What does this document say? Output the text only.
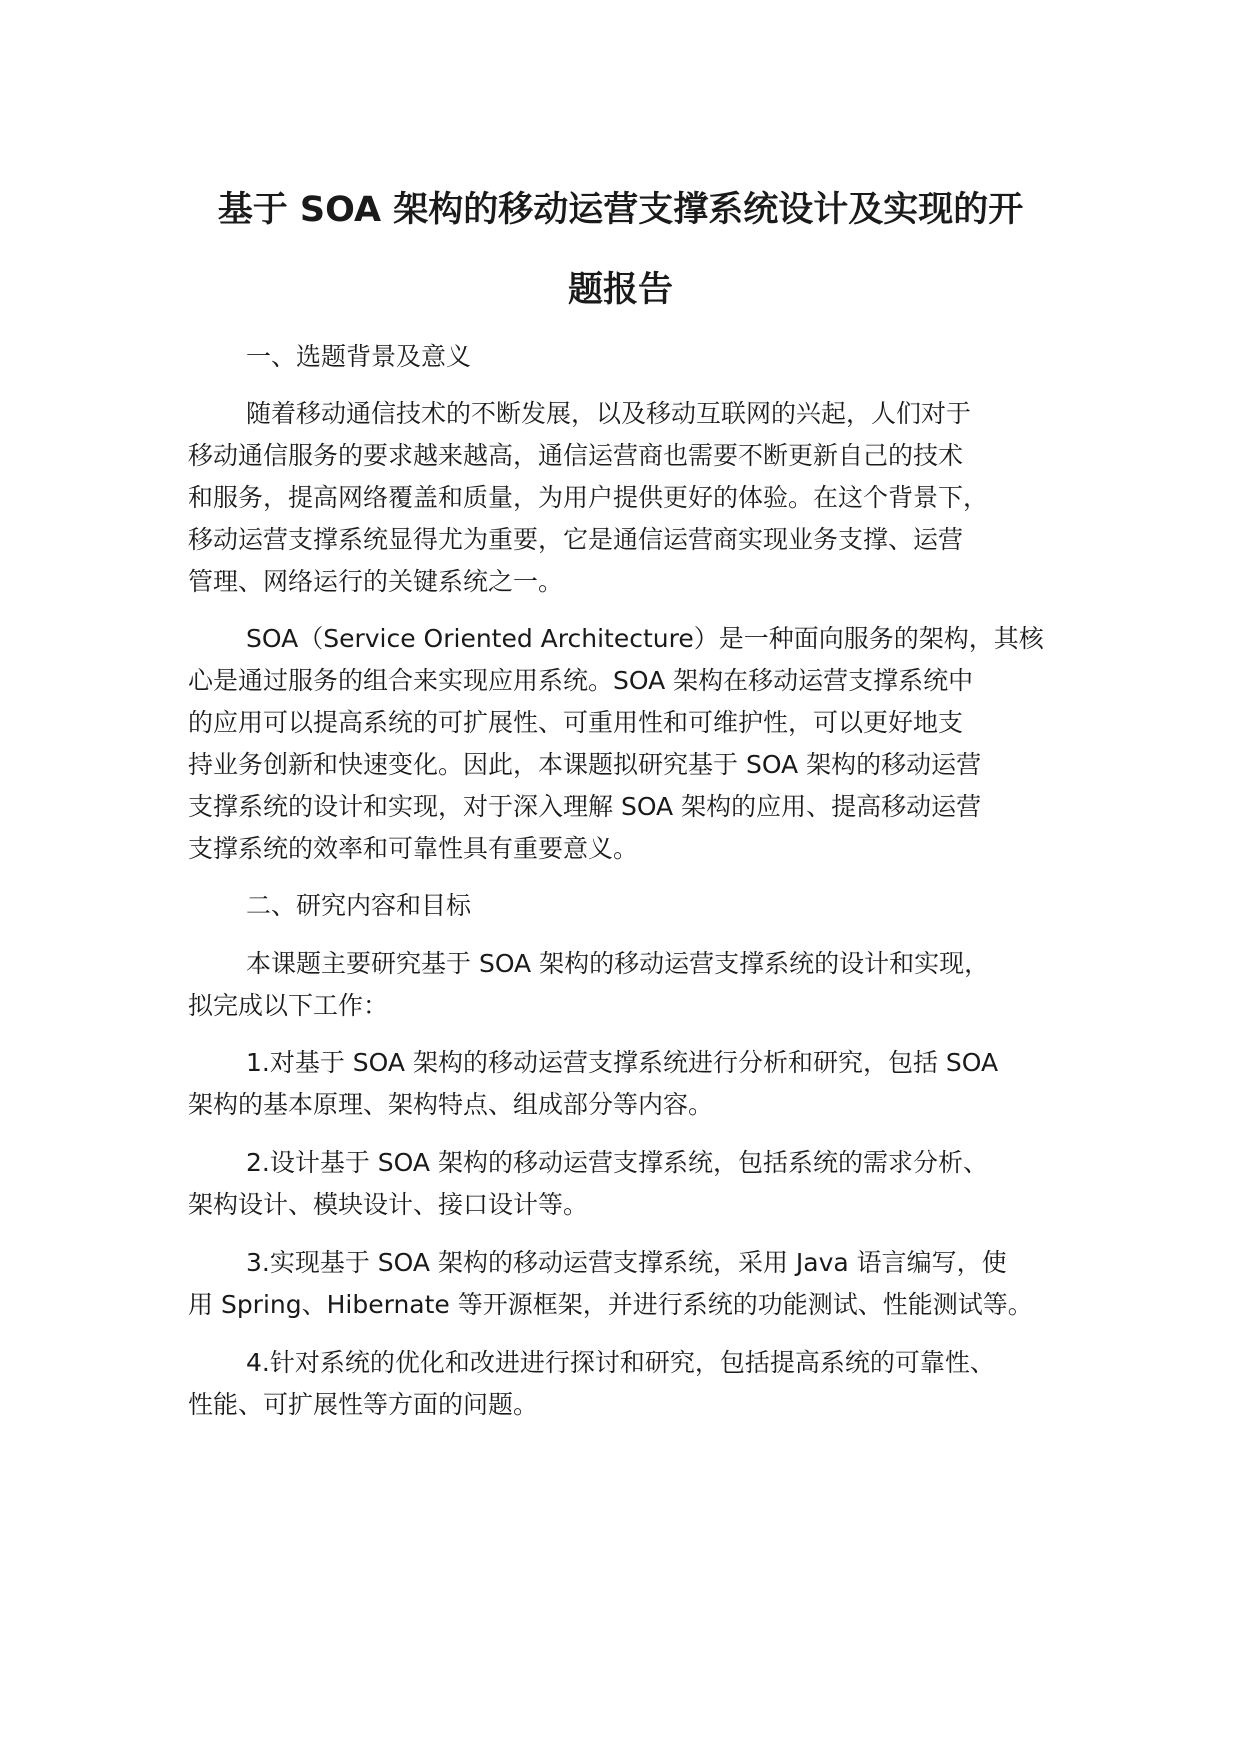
基于 SOA 架构的移动运营支撑系统设计及实现的开
题报告
一、选题背景及意义
随着移动通信技术的不断发展，以及移动互联网的兴起，人们对于
移动通信服务的要求越来越高，通信运营商也需要不断更新自己的技术
和服务，提高网络覆盖和质量，为用户提供更好的体验。在这个背景下，
移动运营支撑系统显得尤为重要，它是通信运营商实现业务支撑、运营
管理、网络运行的关键系统之一。
SOA（Service Oriented Architecture）是一种面向服务的架构，其核
心是通过服务的组合来实现应用系统。SOA 架构在移动运营支撑系统中
的应用可以提高系统的可扩展性、可重用性和可维护性，可以更好地支
持业务创新和快速变化。因此，本课题拟研究基于 SOA 架构的移动运营
支撑系统的设计和实现，对于深入理解 SOA 架构的应用、提高移动运营
支撑系统的效率和可靠性具有重要意义。
二、研究内容和目标
本课题主要研究基于 SOA 架构的移动运营支撑系统的设计和实现，
拟完成以下工作：
1.对基于 SOA 架构的移动运营支撑系统进行分析和研究，包括 SOA
架构的基本原理、架构特点、组成部分等内容。
2.设计基于 SOA 架构的移动运营支撑系统，包括系统的需求分析、
架构设计、模块设计、接口设计等。
3.实现基于 SOA 架构的移动运营支撑系统，采用 Java 语言编写，使
用 Spring、Hibernate 等开源框架，并进行系统的功能测试、性能测试等。
4.针对系统的优化和改进进行探讨和研究，包括提高系统的可靠性、
性能、可扩展性等方面的问题。
